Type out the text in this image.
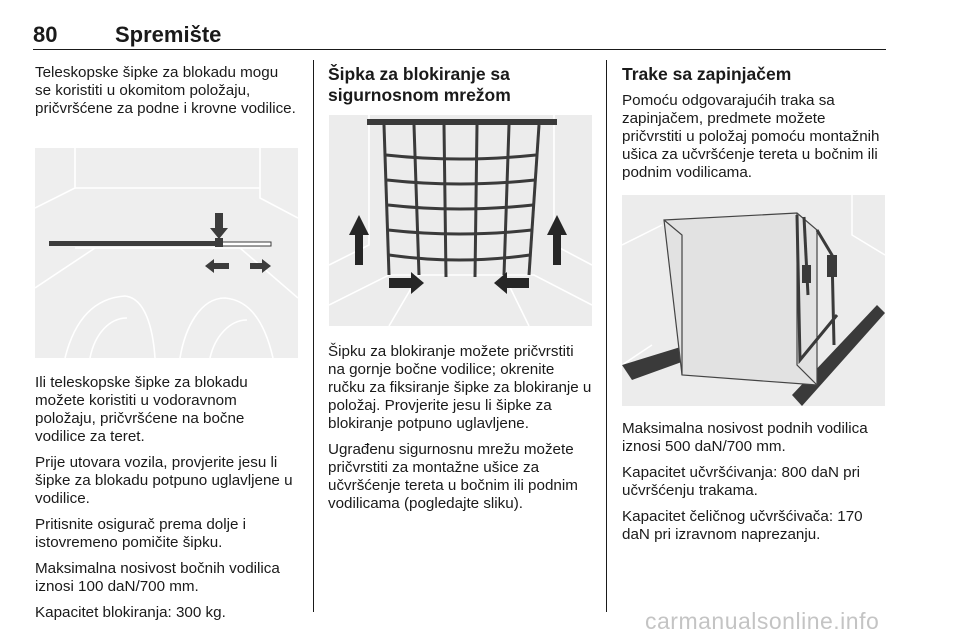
80	Spremište

Teleskopske šipke za blokadu mogu se koristiti u okomitom položaju, pričvršćene za podne i krovne vodilice.

Ili teleskopske šipke za blokadu možete koristiti u vodoravnom položaju, pričvršćene na bočne vodilice za teret.

Prije utovara vozila, provjerite jesu li šipke za blokadu potpuno uglavljene u vodilice.

Pritisnite osigurač prema dolje i istovremeno pomičite šipku.

Maksimalna nosivost bočnih vodilica iznosi 100 daN/700 mm.

Kapacitet blokiranja: 300 kg.

Šipka za blokiranje sa sigurnosnom mrežom

Šipku za blokiranje možete pričvrstiti na gornje bočne vodilice; okrenite ručku za fiksiranje šipke za blokiranje u položaj. Provjerite jesu li šipke za blokiranje potpuno uglavljene.

Ugrađenu sigurnosnu mrežu možete pričvrstiti za montažne ušice za učvršćenje tereta u bočnim ili podnim vodilicama (pogledajte sliku).

Trake sa zapinjačem

Pomoću odgovarajućih traka sa zapinjačem, predmete možete pričvrstiti u položaj pomoću montažnih ušica za učvršćenje tereta u bočnim ili podnim vodilicama.

Maksimalna nosivost podnih vodilica iznosi 500 daN/700 mm.

Kapacitet učvršćivanja: 800 daN pri učvršćenju trakama.

Kapacitet čeličnog učvršćivača: 170 daN pri izravnom naprezanju.

carmanualsonline.info
